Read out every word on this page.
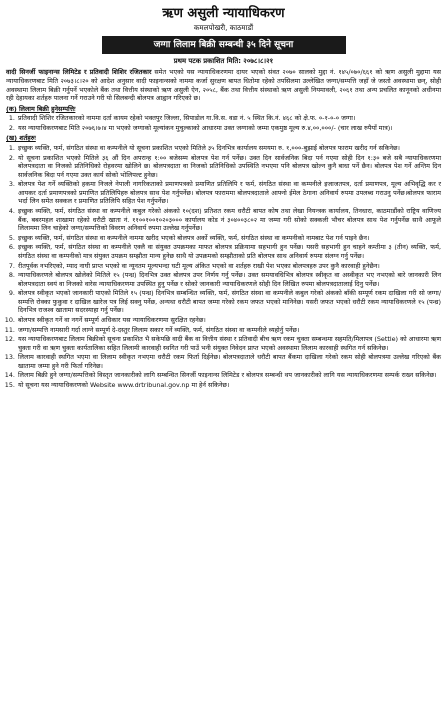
ऋण असुली न्यायाधिकरण
कमलपोखरी, काठमाडौं
जग्गा लिलाम बिक्री सम्बन्धी ३५ दिने सूचना
प्रथम पटक प्रकाशित मिति: २०७८।८।२१

वादी सिनर्जी फाइनान्स लिमिटेड र प्रतिवादी शिशिर रजितकार समेत भएको यस न्यायाधिकरणमा दायर भएको संवत २०७० सालको मुद्दा नं. १४५/०७०/६६१ को ऋण असुली मुद्दामा यस न्यायाधिकरणबाट मिति २०७३।८।२० को आदेश अनुसार वादी फाइनान्सको नाममा कर्जा सुरक्षण बापत धितोमा रहेको तपसिलमा उल्लेखित जग्गा/सम्पत्ति जहाँ जे जस्तो अवस्थामा छन्, सोही अवस्थामा लिलाम बिक्री गर्नुपर्ने भएकोले बैंक तथा वित्तीय संस्थाको ऋण असुली ऐन, २०५८, बैंक तथा वित्तीय संस्थाको ऋण असुली नियमावली, २०६१ तथा अन्य प्रचलित कानूनको अधीनमा रही देहायका शर्तहरु पालना गर्ने गराउने गरी यो सिलबन्दी बोलपत्र आह्वान गरिएको छ।

(क) लिलाम बिक्री हुनेसम्पत्तिः
1. प्रतिवादी शिशिर रजितकारको नाममा दर्ता कायम रहेको भक्तपुर जिल्ला, सिपाडोल गा.वि.स. वडा नं. ५ स्थित कि.नं. ४६८ को क्षे.फ. ०-१-०-० जग्गा।
2. यस न्यायाधिकरणबाट मिति २०७६।७।४ मा भएको जग्गाको मूल्यांकन मुचुल्काको आधारमा उक्त जग्गाको जम्मा एकमुष्ठ मूल्य रु.४,००,०००/- (चार लाख रुपैयाँ मात्र)।
(ख) शर्तहरुः
1. इच्छुक व्यक्ति, फर्म, संगठित संस्था वा कम्पनीले यो सूचना प्रकाशित भएको मितिले ३५ दिनभित्र कार्यालय समयमा रु. १,०००-बुझाई बोलपत्र फाराम खरीद गर्न सकिनेछ।
2. यो सूचना प्रकाशित भएको मितिले ३६ औं दिन अपरान्ह १:०० बजेसम्म बोलपत्र पेश गर्न पर्नेछ। उक्त दिन सार्वजनिक बिदा पर्न गएमा सोही दिन १:३० बजे सबै न्यायाधिकरणमा बोलपत्रदाता वा निजको प्रतिनिधिको रोहवरमा खोलिने छ। बोलपत्रदाता वा निजको प्रतिनिधिको उपस्थिति नभएमा पनि बोलपत्र खोल्न कुनै बाधा पर्ने छैन। बोलपत्र पेश गर्ने अन्तिम दिन सार्वजनिक बिदा पर्न गएमा उक्त कार्य सोको भोलिपल्ट हुनेछ।
3. बोलपत्र पेश गर्ने व्यक्तिको हकमा निजले नेपाली नागरिकताको प्रमाणपत्रको प्रमाणित प्रतिलिपि र फर्म, संगठित संस्था वा कम्पनीले इजाजतपत्र, दर्ता प्रमाणपत्र, मूल्य अभिवृद्धि कर र आयकर दर्ता प्रमाणपत्रको प्रमाणित प्रतिलिपिहरु बोलपत्र साथ पेश गर्नुपर्नेछ। बोलपत्र फाराममा बोलपत्रदाताले आफ्नो ईमेल ठेगाना अनिवार्य रुपमा उपलब्ध गराउनु पर्नेछ।बोलपत्र फाराम भर्दा लिन समेत सक्कल र प्रमाणित प्रतिलिपि सहित पेश गर्नुपर्नेछ।
4. इच्छुक व्यक्ति, फर्म, संगठित संस्था वा कम्पनीले कबुल गरेको अंकको १०(दश) प्रतिशत रकम धरौटी बापत कोष तथा लेखा नियन्त्रक कार्यालय, तिनधारा, काठमाडौंको राष्ट्रिय वाणिज्य बैंक, बबरमहल शाखामा रहेको धरौटी खाता नं. ११००१००१०२०३००० कार्यालय कोड नं ३०४००३८०२ मा जम्मा गरी सोको सक्कली भौचर बोलपत्र साथ पेश गर्नुपर्नेछ साथै आफूले लिलाममा लिन चाहेको जग्गा/सम्पत्तिको विवरण अनिवार्य रुपमा उल्लेख गर्नुपर्नेछ।
5. इच्छुक व्यक्ति, फर्म, संगठित संस्था वा कम्पनीले नाममा खरीद भएको बोलपत्र अर्को व्यक्ति, फर्म, संगठित संस्था वा कम्पनीको नामबाट पेश गर्न पाइने छैन।
6. इच्छुक व्यक्ति, फर्म, संगठित संस्था वा कम्पनीले एक्लै वा संयुक्त उपक्रमका माफत बोलपत्र प्रक्रियामा सहभागी हुन पर्नेछ। यसरी सहभागी हुन चाहने कम्तीमा ३ (तीन) व्यक्ति, फर्म, संगठित संस्था वा कम्पनीको मात्र संयुक्त उपक्रम सम्झौता मान्य हुनेछ साथै यो उपक्रमको सम्झौताको प्रति बोलपत्र साथ अनिवार्य रुपमा संलग्न गर्नु पर्नेछ।
7. रीतपूर्वक नभरिएको, म्याद नाघी प्राप्त भएको वा न्यूनतम मूल्यभन्दा घटी मूल्य अंकित भएको वा शर्तहरु राखी पेश भएका बोलपत्रहरु उपर कुनै कारवाही हुनेछैन।
8. न्यायाधिकरणले बोलपत्र खोलेको मितिले १५ (पन्ध्र) दिनभित्र उक्त बोलपत्र उपर निर्णय गर्नु पर्नेछ। उक्त समयावधिभित्र बोलपत्र स्वीकृत वा अस्वीकृत भए नभएको बारे जानकारी लिन बोलपत्रदाता स्वयं वा निजको वारेस न्यायाधिकरणमा उपस्थित हुनु पर्नेछ र सोको जानकारी न्यायाधिकरणले सोही दिन लिखित रुपमा बोलपत्रदातालाई दिनु पर्नेछ।
9. बोलपत्र स्वीकृत भएको जानकारी पाएको मितिले १५ (पन्ध्र) दिनभित्र सम्बन्धित व्यक्ति, फर्म, संगठित संस्था वा कम्पनीले कबुल गरेको अंकको बाँकी सम्पूर्ण रकम दाखिला गरी सो जग्गा/सम्पत्ति रोक्का फुकुवा र दाखिल खारेज पत्र लिई सक्नु पर्नेछ, अन्यथा धरौटी बापत जम्मा गरेको रकम जफत भएको मानिनेछ। यसरी जफत भएको धरौटी रकम न्यायाधिकरणले १५ (पन्ध्र) दिनभित्र राजश्व खातामा सदरस्याहा गर्नु पर्नेछ।
10. बोलपत्र स्वीकृत गर्ने वा नगर्ने सम्पूर्ण अधिकार यस न्यायाधिकरणमा सुरक्षित रहनेछ।
11. जग्गा/सम्पत्ति नामसारी गर्दा लाग्ने सम्पूर्ण दे-दस्तुर लिलाम सकार गर्ने व्यक्ति, फर्म, संगठित संस्था वा कम्पनीले व्यहोर्नु पर्नेछ।
12. यस न्यायाधिकरणबाट लिलाम बिक्रीको सूचना प्रकाशित भै सकेपछि वादी बैंक वा वित्तीय संस्था र प्रतिवादी बीच ऋण रकम चुक्ता सम्बन्धमा सहमति/मिलापत्र (Settle) को आधारमा ऋण चुक्ता गरी वा ऋण चुक्ता कार्यतालिका सहित लिलामी कारवाही स्थगित गरी पाउँ भनी संयुक्त निवेदन प्राप्त भएको अवस्थामा लिलाम कारवाही स्थगित गर्न सकिनेछ।
13. लिलाम कारवाही स्थगित भएमा वा लिलाम स्वीकृत नभएमा धरौटी रकम फिर्ता दिईनेछ। बोलपत्रदाताले धरौटी बापत बैंकमा दाखिला गरेको रकम सोही बोलपत्रमा उल्लेख गरिएको बैंक खातामा जम्मा हुने गरी फिर्ता गरिनेछ।
14. लिलाम बिक्री हुने जग्गा/सम्पत्तिको विस्तृत जानकारीको लागि सम्बन्धित सिनर्जी फाइनान्स लिमिटेड र बोलपत्र सम्बन्धी थप जानकारीको लागि यस न्यायाधिकरणमा सम्पर्क राख्न सकिनेछ।
15. यो सूचना यस न्यायाधिकरणको Website www.drtribunal.gov.np मा हेर्न सकिनेछ।
